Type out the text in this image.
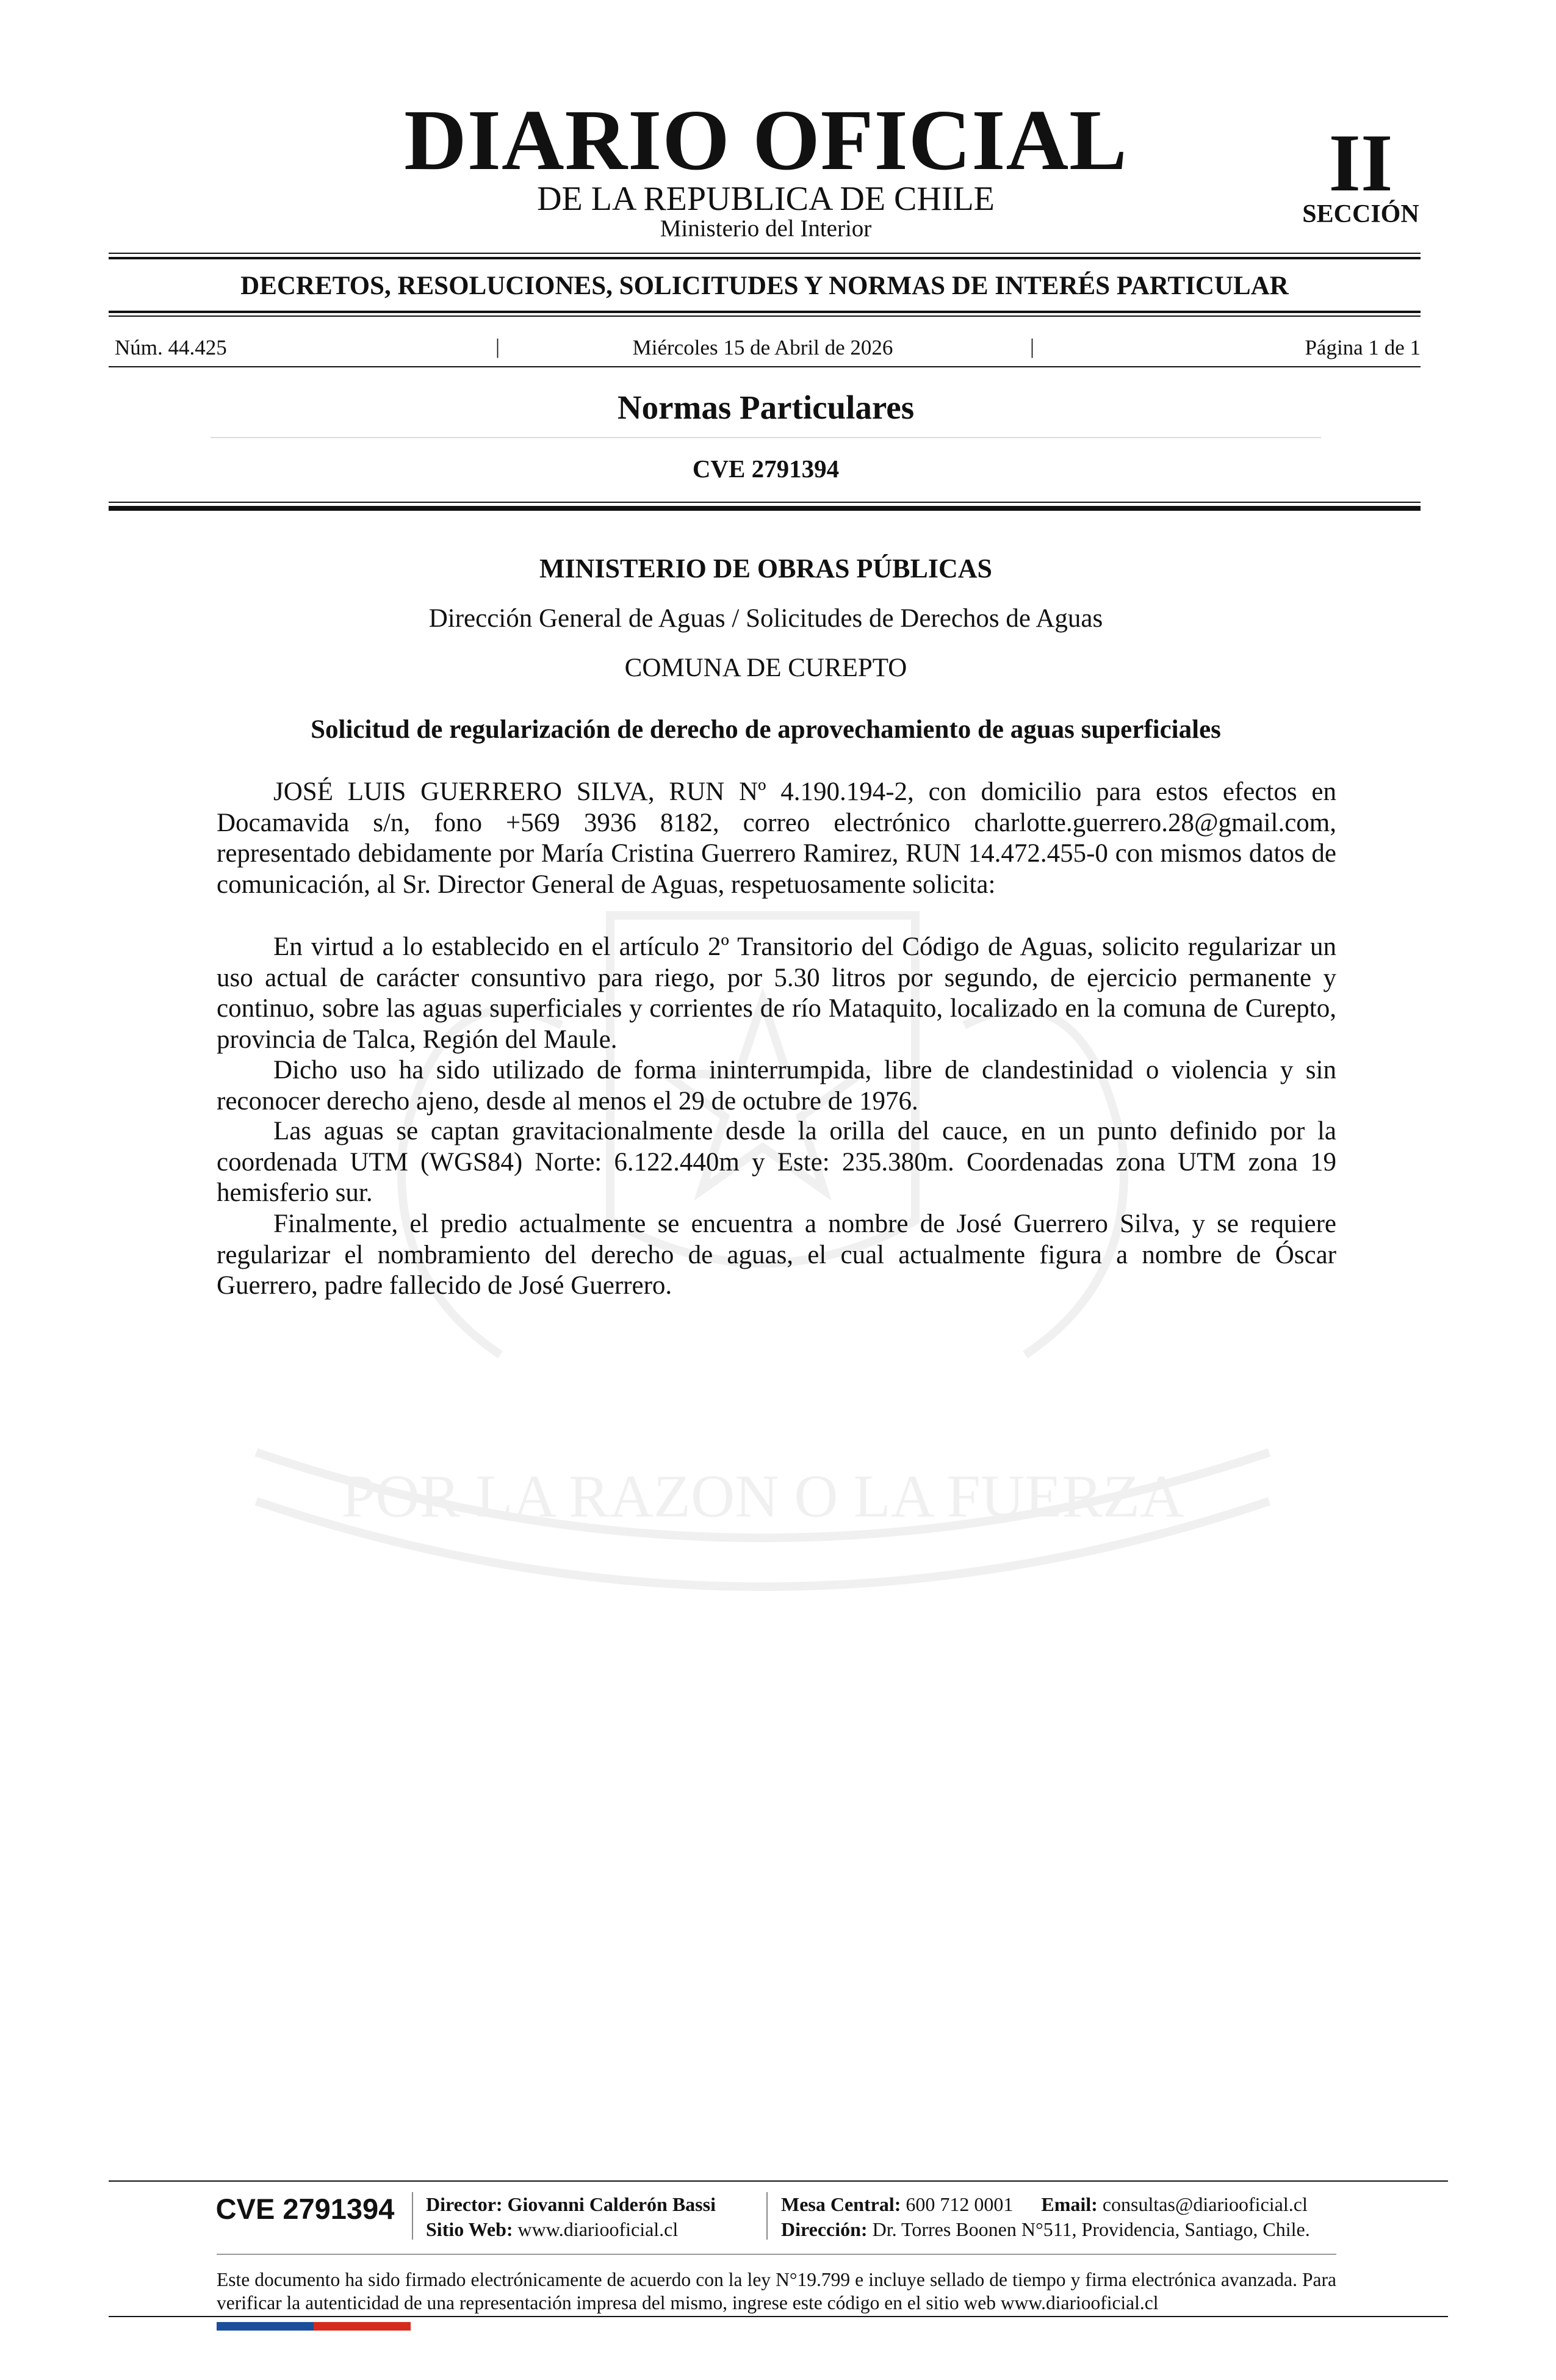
POR LA RAZON O LA FUERZA
DIARIO OFICIAL
DE LA REPUBLICA DE CHILE
Ministerio del Interior
II
SECCIÓN
DECRETOS, RESOLUCIONES, SOLICITUDES Y NORMAS DE INTERÉS PARTICULAR
Núm. 44.425	|	Miércoles 15 de Abril de 2026	|	Página 1 de 1
Normas Particulares
CVE 2791394
MINISTERIO DE OBRAS PÚBLICAS
Dirección General de Aguas / Solicitudes de Derechos de Aguas
COMUNA DE CUREPTO
Solicitud de regularización de derecho de aprovechamiento de aguas superficiales

JOSÉ LUIS GUERRERO SILVA, RUN Nº 4.190.194-2, con domicilio para estos efectos en Docamavida s/n, fono +569 3936 8182, correo electrónico charlotte.guerrero.28@gmail.com, representado debidamente por María Cristina Guerrero Ramirez, RUN 14.472.455-0 con mismos datos de comunicación, al Sr. Director General de Aguas, respetuosamente solicita:

En virtud a lo establecido en el artículo 2º Transitorio del Código de Aguas, solicito regularizar un uso actual de carácter consuntivo para riego, por 5.30 litros por segundo, de ejercicio permanente y continuo, sobre las aguas superficiales y corrientes de río Mataquito, localizado en la comuna de Curepto, provincia de Talca, Región del Maule.

Dicho uso ha sido utilizado de forma ininterrumpida, libre de clandestinidad o violencia y sin reconocer derecho ajeno, desde al menos el 29 de octubre de 1976.

Las aguas se captan gravitacionalmente desde la orilla del cauce, en un punto definido por la coordenada UTM (WGS84) Norte: 6.122.440m y Este: 235.380m. Coordenadas zona UTM zona 19 hemisferio sur.

Finalmente, el predio actualmente se encuentra a nombre de José Guerrero Silva, y se requiere regularizar el nombramiento del derecho de aguas, el cual actualmente figura a nombre de Óscar Guerrero, padre fallecido de José Guerrero.

CVE 2791394	Director: Giovanni Calderón Bassi
Sitio Web: www.diariooficial.cl
Mesa Central: 600 712 0001 Email: consultas@diariooficial.cl
Dirección: Dr. Torres Boonen N°511, Providencia, Santiago, Chile.

Este documento ha sido firmado electrónicamente de acuerdo con la ley N°19.799 e incluye sellado de tiempo y firma electrónica avanzada. Para verificar la autenticidad de una representación impresa del mismo, ingrese este código en el sitio web www.diariooficial.cl
